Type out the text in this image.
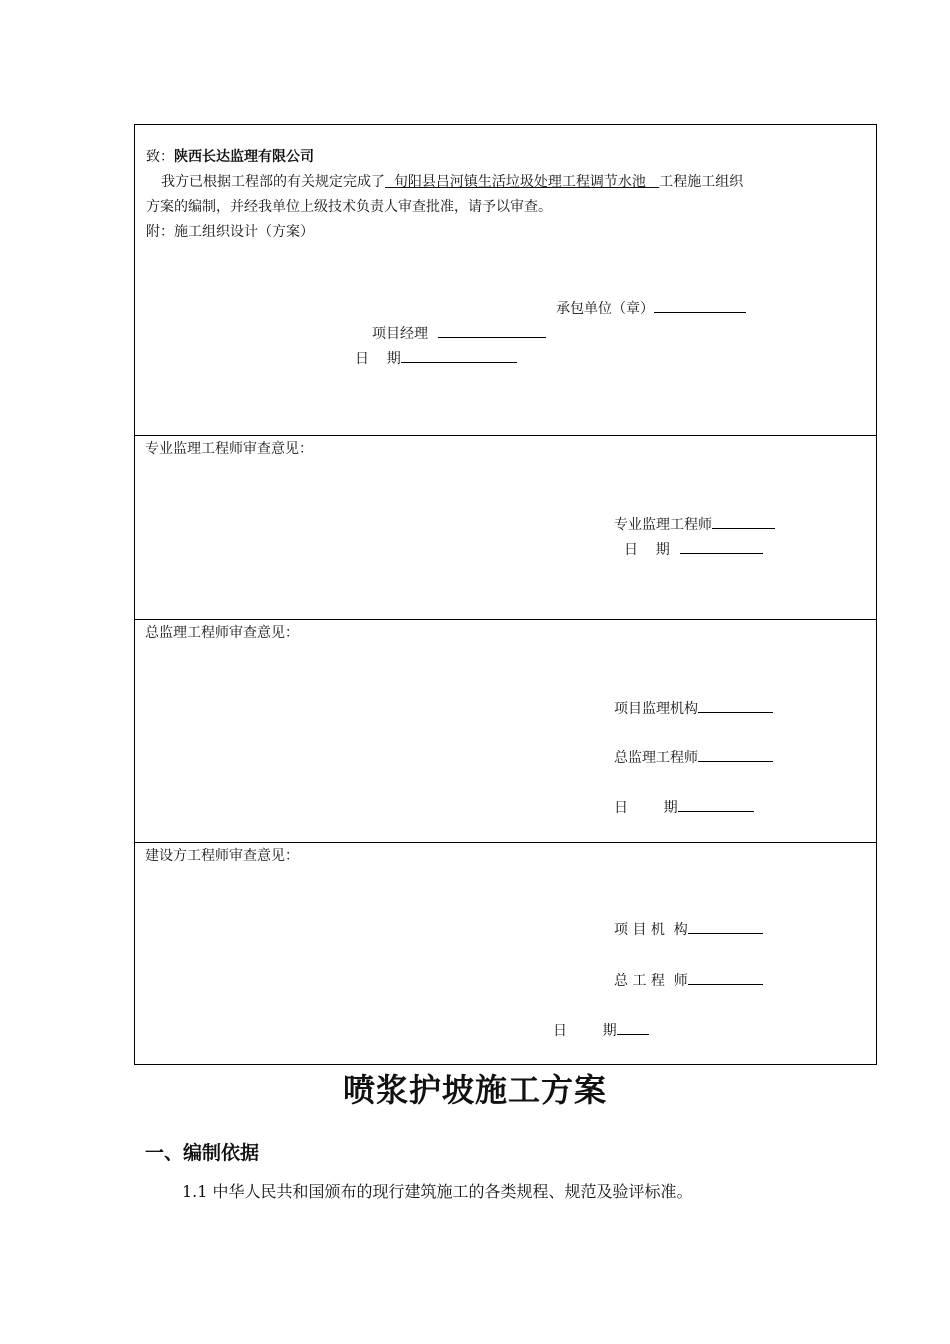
致：陕西长达监理有限公司
我方已根据工程部的有关规定完成了  旬阳县吕河镇生活垃圾处理工程调节水池   工程施工组织
方案的编制，并经我单位上级技术负责人审查批准，请予以审查。
附：施工组织设计（方案）
承包单位（章）
项目经理
日    期
专业监理工程师审查意见：
专业监理工程师
日    期
总监理工程师审查意见：
项目监理机构
总监理工程师
日        期
建设方工程师审查意见：
项 目 机  构
总 工 程  师
日        期
喷浆护坡施工方案
一、编制依据
1.1 中华人民共和国颁布的现行建筑施工的各类规程、规范及验评标准。
